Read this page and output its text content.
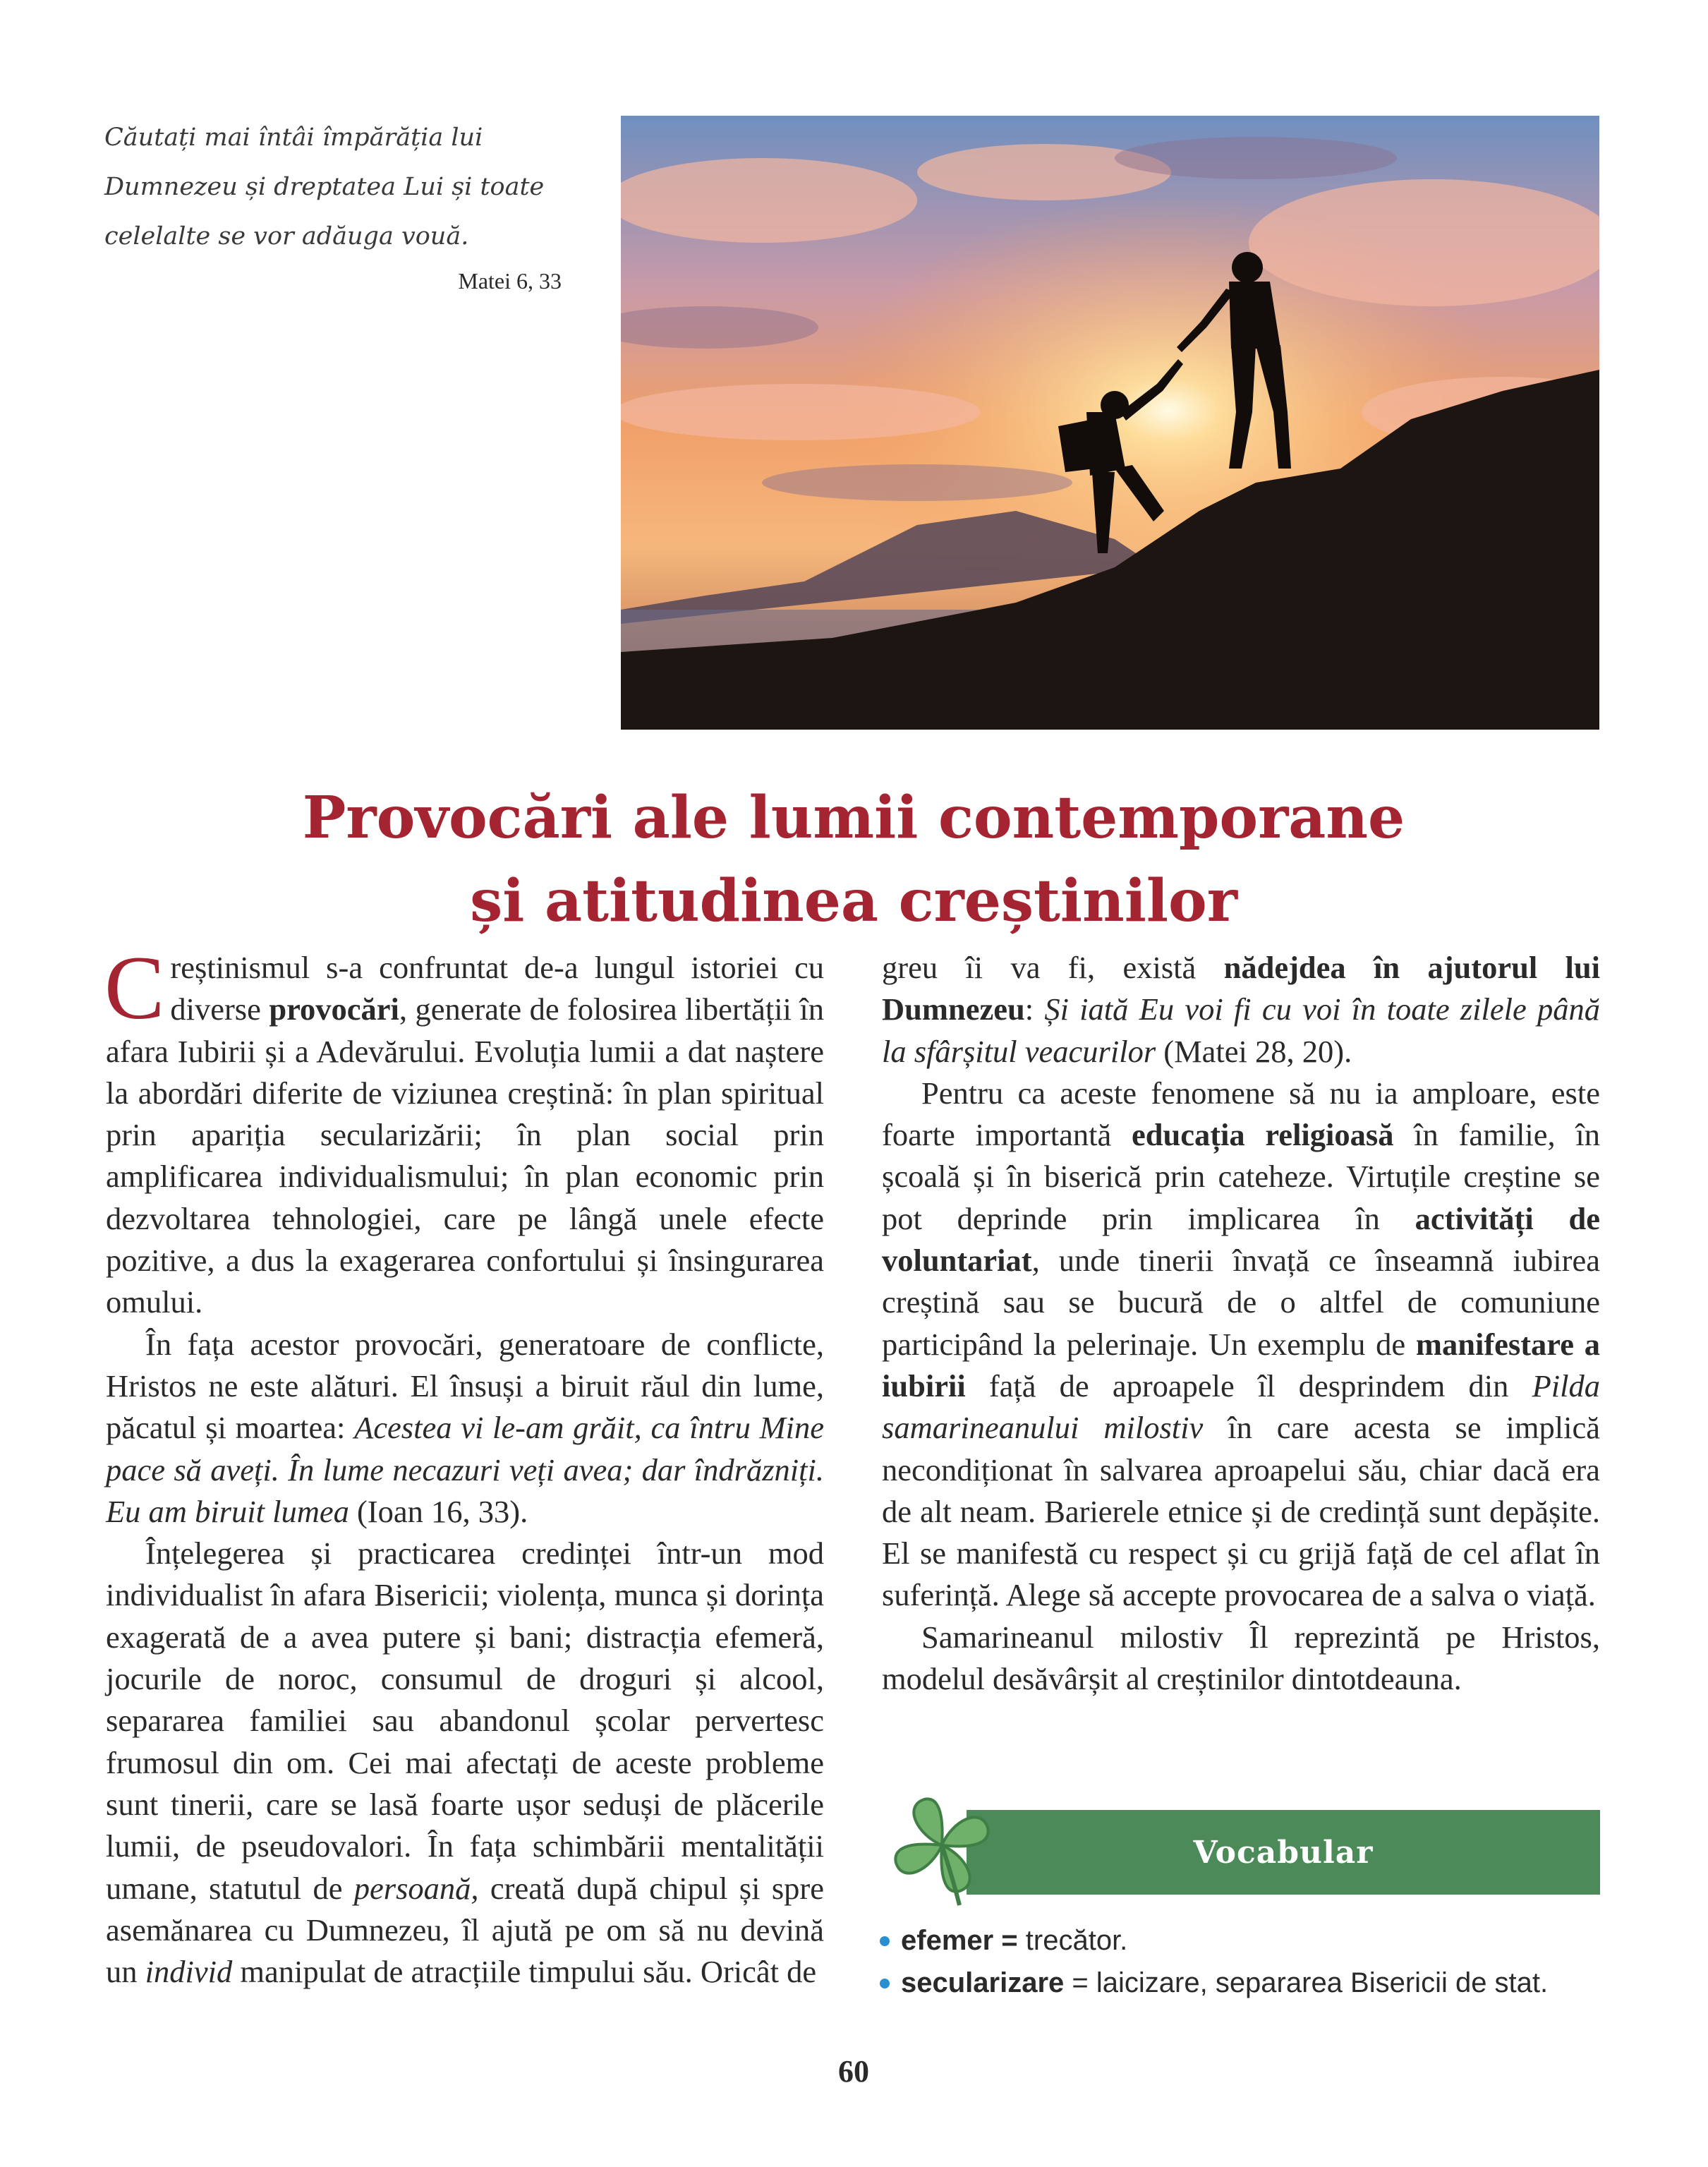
Căutați mai întâi împărăția lui Dumnezeu și dreptatea Lui și toate celelalte se vor adăuga vouă.
Matei 6, 33
Provocări ale lumii contemporane
și atitudinea creștinilor

Creștinismul s-a confruntat de-a lungul istoriei cu diverse provocări, generate de folosirea libertății în afara Iubirii și a Adevărului. Evoluția lumii a dat naștere la abordări diferite de viziunea creștină: în plan spiritual prin apariția secularizării; în plan social prin amplificarea individualismului; în plan economic prin dezvoltarea tehnologiei, care pe lângă unele efecte pozitive, a dus la exagerarea confortului și însingurarea omului.

În fața acestor provocări, generatoare de conflicte, Hristos ne este alături. El însuși a biruit răul din lume, păcatul și moartea: Acestea vi le-am grăit, ca întru Mine pace să aveți. În lume necazuri veți avea; dar îndrăzniți. Eu am biruit lumea (Ioan 16, 33).

Înțelegerea și practicarea credinței într-un mod individualist în afara Bisericii; violența, munca și dorința exagerată de a avea putere și bani; distracția efemeră, jocurile de noroc, consumul de droguri și alcool, separarea familiei sau abandonul școlar pervertesc frumosul din om. Cei mai afectați de aceste probleme sunt tinerii, care se lasă foarte ușor seduși de plăcerile lumii, de pseudovalori. În fața schimbării mentalității umane, statutul de persoană, creată după chipul și spre asemănarea cu Dumnezeu, îl ajută pe om să nu devină un individ manipulat de atracțiile timpului său. Oricât de

greu îi va fi, există nădejdea în ajutorul lui Dumnezeu: Și iată Eu voi fi cu voi în toate zilele până la sfârșitul veacurilor (Matei 28, 20).

Pentru ca aceste fenomene să nu ia amploare, este foarte importantă educația religioasă în familie, în școală și în biserică prin cateheze. Virtuțile creștine se pot deprinde prin implicarea în activități de voluntariat, unde tinerii învață ce înseamnă iubirea creștină sau se bucură de o altfel de comuniune participând la pelerinaje. Un exemplu de manifestare a iubirii față de aproapele îl desprindem din Pilda samarineanului milostiv în care acesta se implică necondiționat în salvarea aproapelui său, chiar dacă era de alt neam. Barierele etnice și de credință sunt depășite. El se manifestă cu respect și cu grijă față de cel aflat în suferință. Alege să accepte provocarea de a salva o viață.

Samarineanul milostiv Îl reprezintă pe Hristos, modelul desăvârșit al creștinilor dintotdeauna.

Vocabular
efemer = trecător.
secularizare = laicizare, separarea Bisericii de stat.
60
